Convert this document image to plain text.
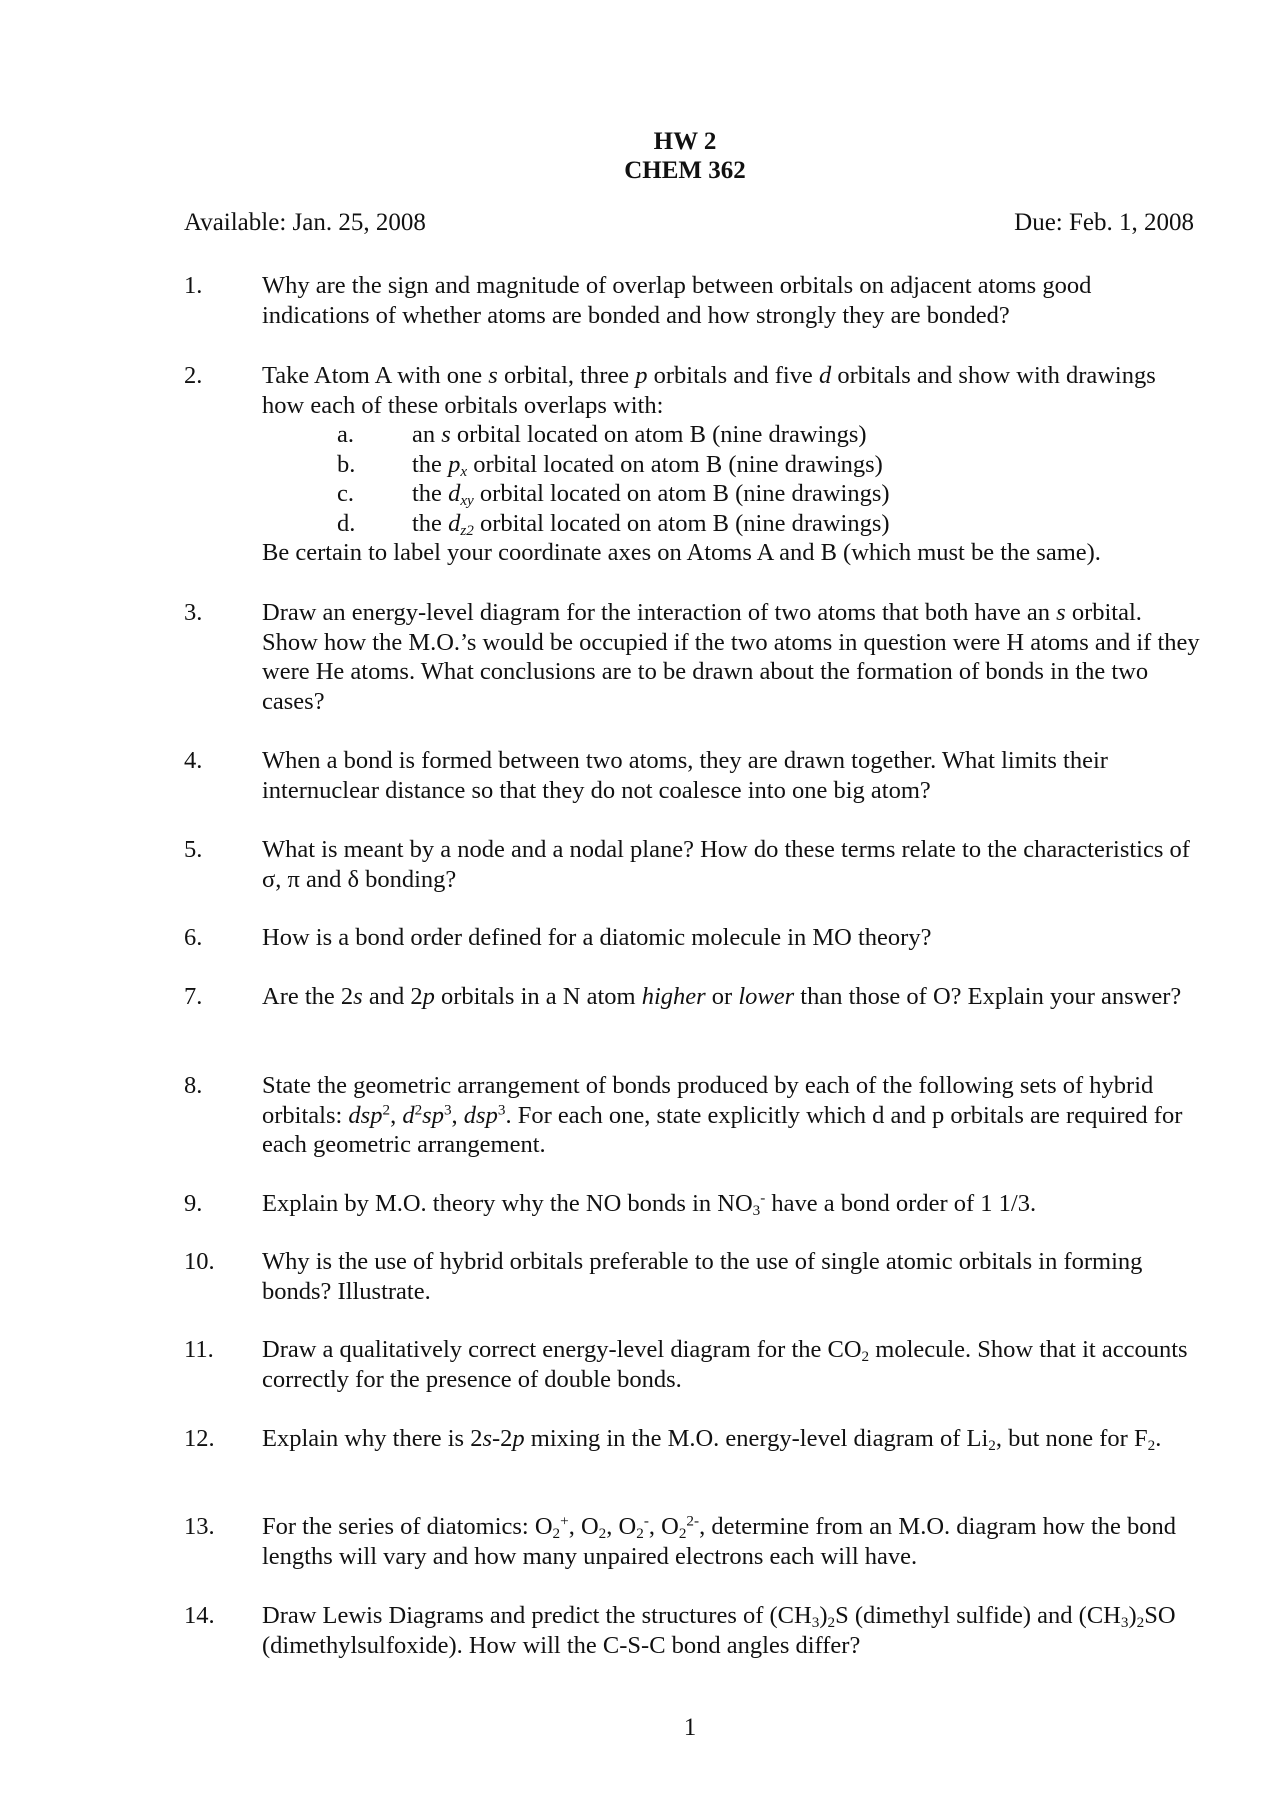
HW 2
CHEM 362
Available: Jan. 25, 2008	Due: Feb. 1, 2008
1. Why are the sign and magnitude of overlap between orbitals on adjacent atoms good indications of whether atoms are bonded and how strongly they are bonded?
2. Take Atom A with one s orbital, three p orbitals and five d orbitals and show with drawings how each of these orbitals overlaps with:
a. an s orbital located on atom B (nine drawings)
b. the $p_x$ orbital located on atom B (nine drawings)
c. the $d_{xy}$ orbital located on atom B (nine drawings)
d. the $d_{z2}$ orbital located on atom B (nine drawings)
Be certain to label your coordinate axes on Atoms A and B (which must be the same).
3. Draw an energy-level diagram for the interaction of two atoms that both have an s orbital. Show how the M.O.’s would be occupied if the two atoms in question were H atoms and if they were He atoms. What conclusions are to be drawn about the formation of bonds in the two cases?
4. When a bond is formed between two atoms, they are drawn together. What limits their internuclear distance so that they do not coalesce into one big atom?
5. What is meant by a node and a nodal plane? How do these terms relate to the characteristics of σ, π and δ bonding?
6. How is a bond order defined for a diatomic molecule in MO theory?
7. Are the 2s and 2p orbitals in a N atom higher or lower than those of O? Explain your answer?
8. State the geometric arrangement of bonds produced by each of the following sets of hybrid orbitals: dsp$^2$, $d^2sp^3$, dsp$^3$. For each one, state explicitly which d and p orbitals are required for each geometric arrangement.
9. Explain by M.O. theory why the NO bonds in $NO_3^-$ have a bond order of 1 1/3.
10. Why is the use of hybrid orbitals preferable to the use of single atomic orbitals in forming bonds? Illustrate.
11. Draw a qualitatively correct energy-level diagram for the $CO_2$ molecule. Show that it accounts correctly for the presence of double bonds.
12. Explain why there is 2s-2p mixing in the M.O. energy-level diagram of $Li_2$, but none for $F_2$.
13. For the series of diatomics: $O_2^+$, $O_2$, $O_2^-$, $O_2^{2-}$, determine from an M.O. diagram how the bond lengths will vary and how many unpaired electrons each will have.
14. Draw Lewis Diagrams and predict the structures of $(CH_3)_2S$ (dimethyl sulfide) and $(CH_3)_2SO$ (dimethylsulfoxide). How will the C-S-C bond angles differ?
1
